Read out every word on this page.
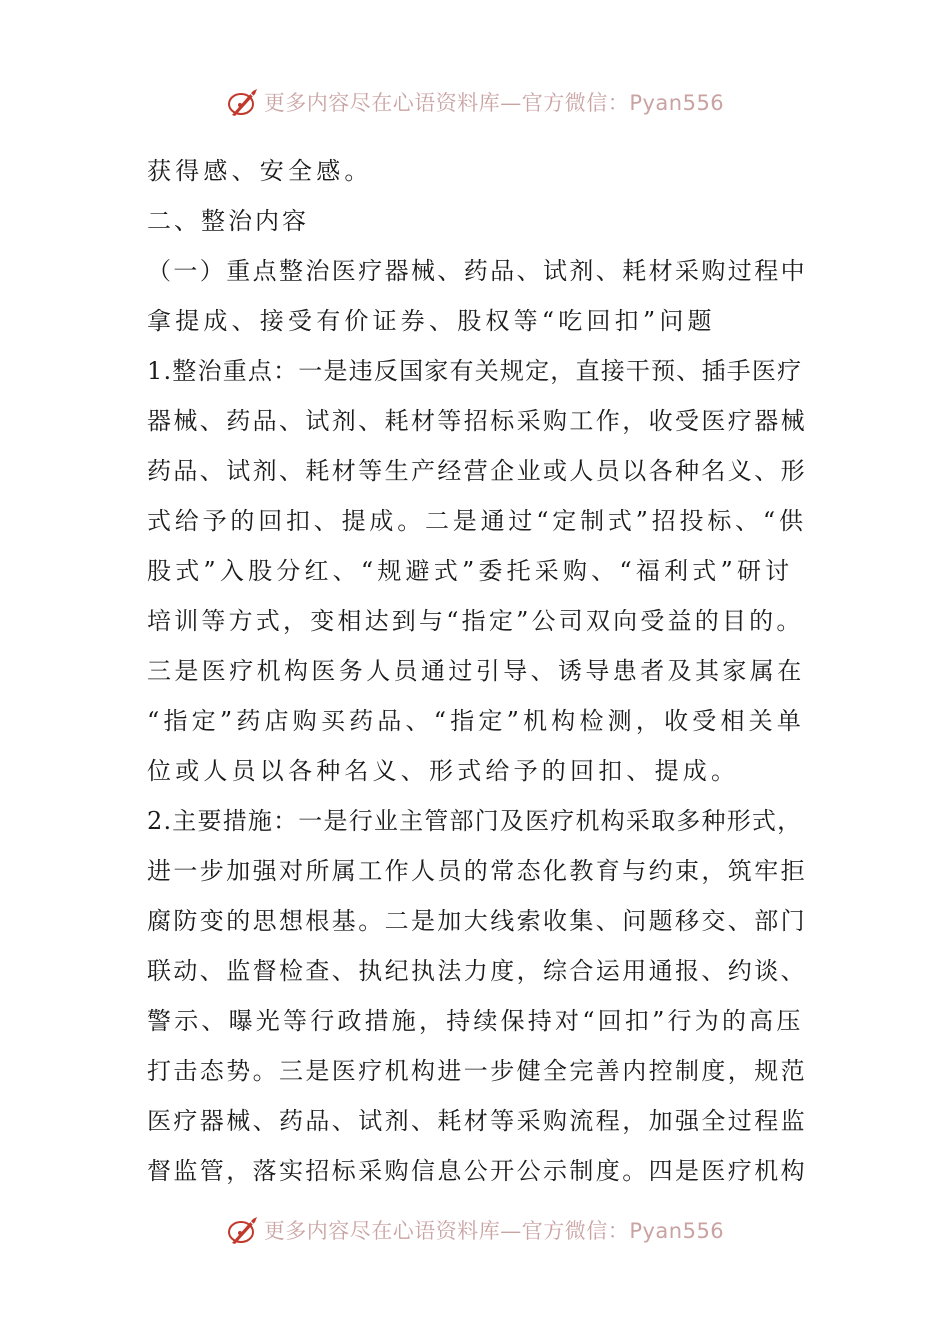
更多内容尽在心语资料库—官方微信：Pyan556
获得感、安全感。
二、整治内容
（一）重点整治医疗器械、药品、试剂、耗材采购过程中
拿提成、接受有价证券、股权等“吃回扣”问题
1.整治重点：一是违反国家有关规定，直接干预、插手医疗
器械、药品、试剂、耗材等招标采购工作，收受医疗器械
药品、试剂、耗材等生产经营企业或人员以各种名义、形
式给予的回扣、提成。二是通过“定制式”招投标、“供
股式”入股分红、“规避式”委托采购、“福利式”研讨
培训等方式，变相达到与“指定”公司双向受益的目的。
三是医疗机构医务人员通过引导、诱导患者及其家属在
“指定”药店购买药品、“指定”机构检测，收受相关单
位或人员以各种名义、形式给予的回扣、提成。
2.主要措施：一是行业主管部门及医疗机构采取多种形式，
进一步加强对所属工作人员的常态化教育与约束，筑牢拒
腐防变的思想根基。二是加大线索收集、问题移交、部门
联动、监督检查、执纪执法力度，综合运用通报、约谈、
警示、曝光等行政措施，持续保持对“回扣”行为的高压
打击态势。三是医疗机构进一步健全完善内控制度，规范
医疗器械、药品、试剂、耗材等采购流程，加强全过程监
督监管，落实招标采购信息公开公示制度。四是医疗机构
更多内容尽在心语资料库—官方微信：Pyan556
